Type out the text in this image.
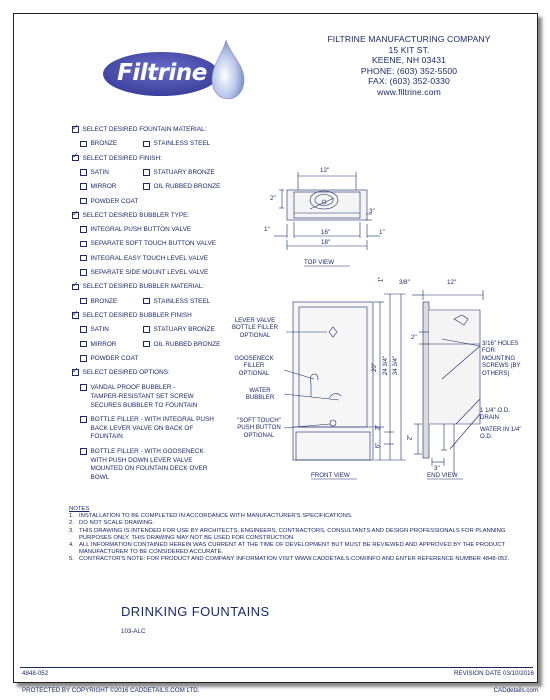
Filtrine
FILTRINE MANUFACTURING COMPANY
15 KIT ST.
KEENE, NH 03431
PHONE: (603) 352-5500
FAX: (603) 352-0330
www.filtrine.com
✓
SELECT DESIRED FOUNTAIN MATERIAL:
BRONZE	STAINLESS STEEL
✓
SELECT DESIRED FINISH:
SATIN	STATUARY BRONZE
MIRROR	OIL RUBBED BRONZE
POWDER COAT
✓
SELECT DESIRED BUBBLER TYPE:
INTEGRAL PUSH BUTTON VALVE
SEPARATE SOFT TOUCH BUTTON VALVE
INTEGRAL EASY TOUCH LEVEL VALVE
SEPARATE SIDE MOUNT LEVEL VALVE
✓
SELECT DESIRED BUBBLER MATERIAL:
BRONZE	STAINLESS STEEL
✓
SELECT DESIRED BUBBLER FINISH
SATIN	STATUARY BRONZE
MIRROR	OIL RUBBED BRONZE
POWDER COAT
✓
SELECT DESIRED OPTIONS:
VANDAL PROOF BUBBLER -
TAMPER-RESISTANT SET SCREW
SECURES BUBBLER TO FOUNTAIN
BOTTLE FILLER - WITH INTEGRAL PUSH
BACK LEVER VALVE ON BACK OF
FOUNTAIN
BOTTLE FILLER - WITH GOOSENECK
WITH PUSH DOWN LEVER VALVE
MOUNTED ON FOUNTAIN DECK OVER
BOWL
TOP VIEW
FRONT VIEW	END VIEW
12"
2"
3"
1"	16"
18"
1"
1"
20" 24 3/4" 34 3/4"
3"
6"
3/8"	12"
2"
2"
3"
LEVER VALVE
BOTTLE FILLER
OPTIONAL
GOOSENECK
FILLER
OPTIONAL
WATER
BUBBLER
"SOFT TOUCH"
PUSH BUTTON
OPTIONAL
3/16" HOLES
FOR
MOUNTING
SCREWS (BY
OTHERS)
1 1/4" O.D.
DRAIN
WATER IN 1/4"
O.D.
NOTES
1. INSTALLATION TO BE COMPLETED IN ACCORDANCE WITH MANUFACTURER'S SPECIFICATIONS.
2. DO NOT SCALE DRAWING.
3. THIS DRAWING IS INTENDED FOR USE BY ARCHITECTS, ENGINEERS, CONTRACTORS, CONSULTANTS AND DESIGN PROFESSIONALS FOR PLANNING PURPOSES ONLY. THIS DRAWING MAY NOT BE USED FOR CONSTRUCTION.
4. ALL INFORMATION CONTAINED HEREIN WAS CURRENT AT THE TIME OF DEVELOPMENT BUT MUST BE REVIEWED AND APPROVED BY THE PRODUCT MANUFACTURER TO BE CONSIDERED ACCURATE.
5. CONTRACTOR'S NOTE: FOR PRODUCT AND COMPANY INFORMATION VISIT WWW.CADDETAILS.COM/INFO AND ENTER REFERENCE NUMBER 4848-052.
DRINKING FOUNTAINS
103-ALC
4848-052	REVISION DATE 03/10/2016
PROTECTED BY COPYRIGHT ©2016 CADDETAILS.COM LTD.	CADdetails.com
